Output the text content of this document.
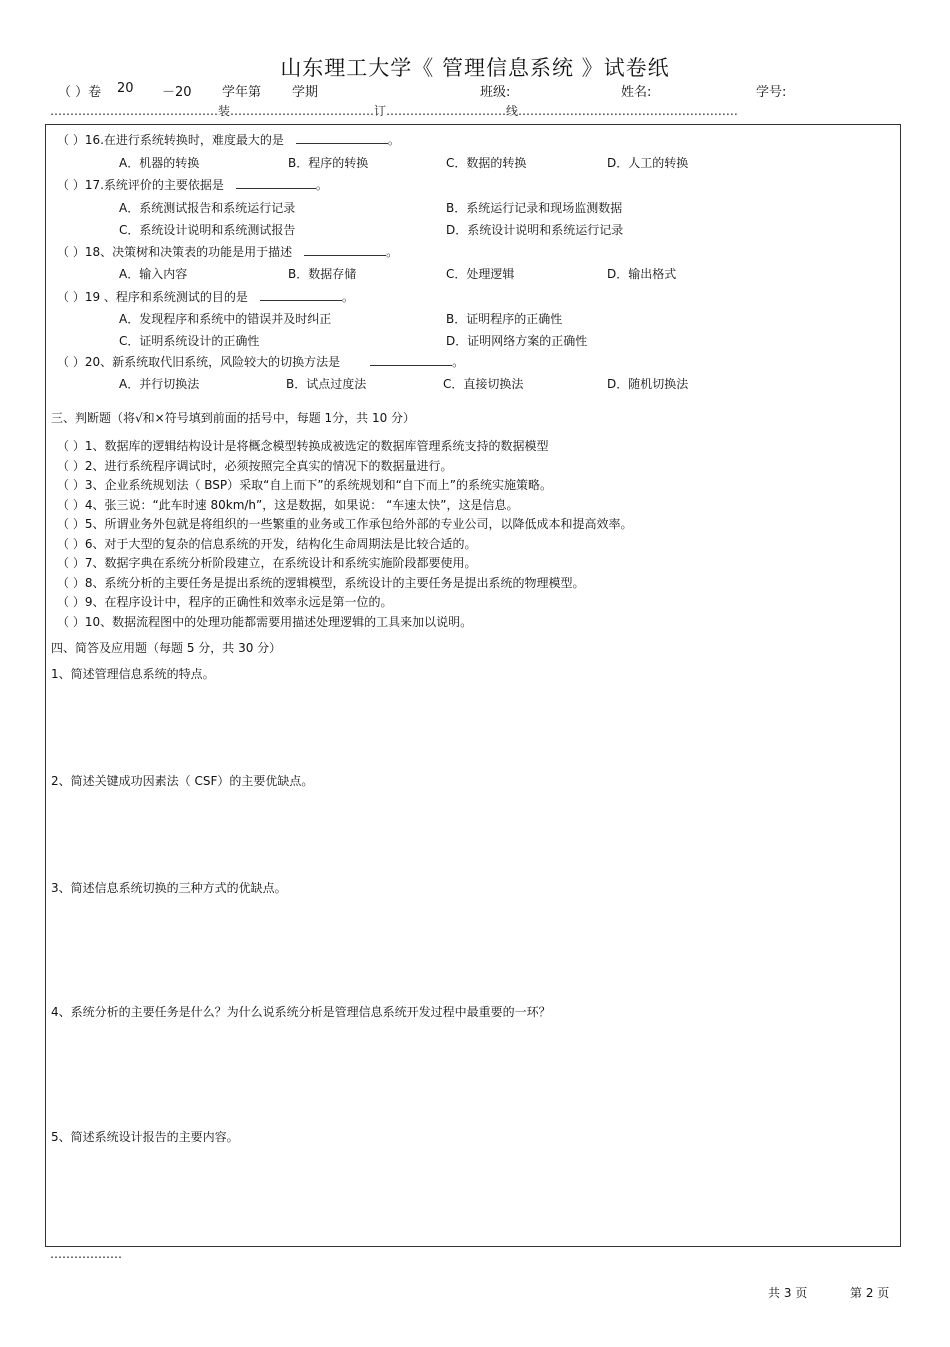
山东理工大学《 管理信息系统 》试卷纸
（ ）卷 20 －20 学年第 学期	班级:	姓名:	学号:
……………………………………装………………………………订…………………………线………….……………………………………
（ ）16.在进行系统转换时，难度最大的是	。
A．机器的转换	B．程序的转换	C．数据的转换	D．人工的转换
（ ）17.系统评价的主要依据是	。
A．系统测试报告和系统运行记录	B．系统运行记录和现场监测数据
C．系统设计说明和系统测试报告	D．系统设计说明和系统运行记录
（ ）18、决策树和决策表的功能是用于描述	。
A．输入内容	B．数据存储	C．处理逻辑	D．输出格式
（ ）19 、程序和系统测试的目的是	。
A．发现程序和系统中的错误并及时纠正	B．证明程序的正确性
C．证明系统设计的正确性	D．证明网络方案的正确性
（ ）20、新系统取代旧系统，风险较大的切换方法是	。
A．并行切换法	B．试点过度法	C．直接切换法	D．随机切换法
三、判断题（将√和×符号填到前面的括号中，每题 1分，共 10 分）
（ ）1、数据库的逻辑结构设计是将概念模型转换成被选定的数据库管理系统支持的数据模型
（ ）2、进行系统程序调试时，必须按照完全真实的情况下的数据量进行。
（ ）3、企业系统规划法（ BSP）采取“自上而下”的系统规划和“自下而上”的系统实施策略。
（ ）4、张三说：“此车时速 80km/h”，这是数据，如果说： “车速太快”，这是信息。
（ ）5、所谓业务外包就是将组织的一些繁重的业务或工作承包给外部的专业公司，以降低成本和提高效率。
（ ）6、对于大型的复杂的信息系统的开发，结构化生命周期法是比较合适的。
（ ）7、数据字典在系统分析阶段建立，在系统设计和系统实施阶段都要使用。
（ ）8、系统分析的主要任务是提出系统的逻辑模型，系统设计的主要任务是提出系统的物理模型。
（ ）9、在程序设计中，程序的正确性和效率永远是第一位的。
（ ）10、数据流程图中的处理功能都需要用描述处理逻辑的工具来加以说明。
四、简答及应用题（每题 5 分，共 30 分）
1、简述管理信息系统的特点。
2、简述关键成功因素法（ CSF）的主要优缺点。
3、简述信息系统切换的三种方式的优缺点。
4、系统分析的主要任务是什么？为什么说系统分析是管理信息系统开发过程中最重要的一环？
5、简述系统设计报告的主要内容。
………………
共 3 页	第 2 页
